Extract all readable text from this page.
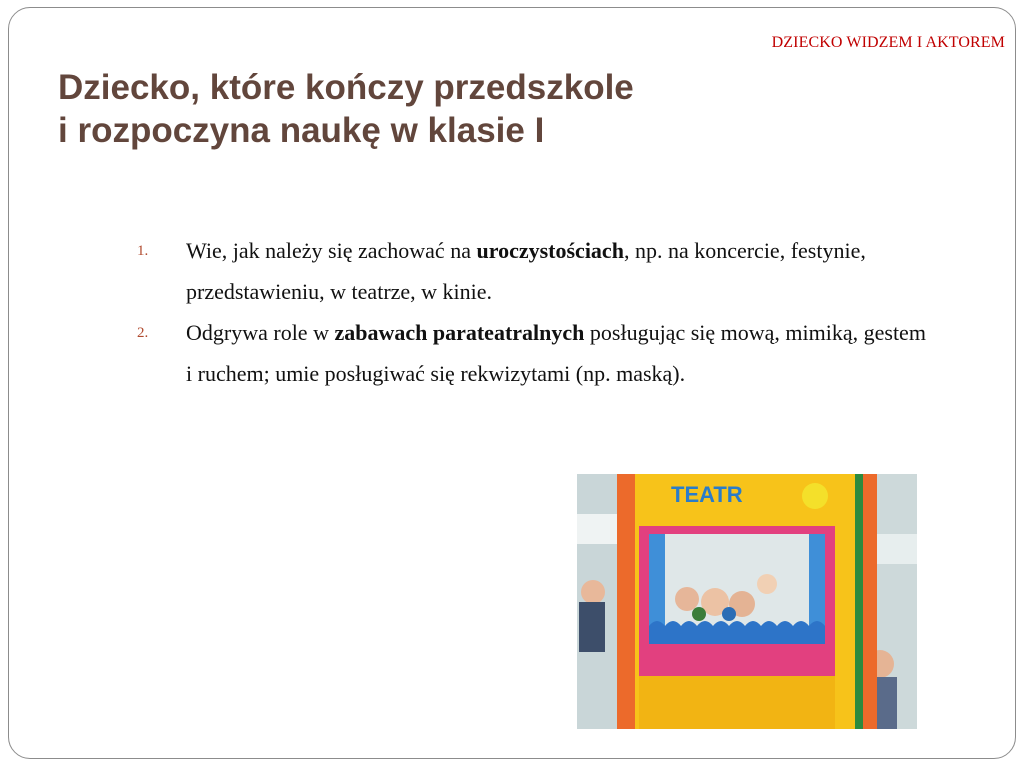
DZIECKO WIDZEM I AKTOREM
Dziecko, które kończy przedszkole
i rozpoczyna naukę w klasie I
1.	Wie, jak należy się zachować na uroczystościach, np. na koncercie, festynie, przedstawieniu, w teatrze, w kinie.
2.	Odgrywa role w zabawach parateatralnych posługując się mową, mimiką, gestem i ruchem; umie posługiwać się rekwizytami (np. maską).
TEATR
